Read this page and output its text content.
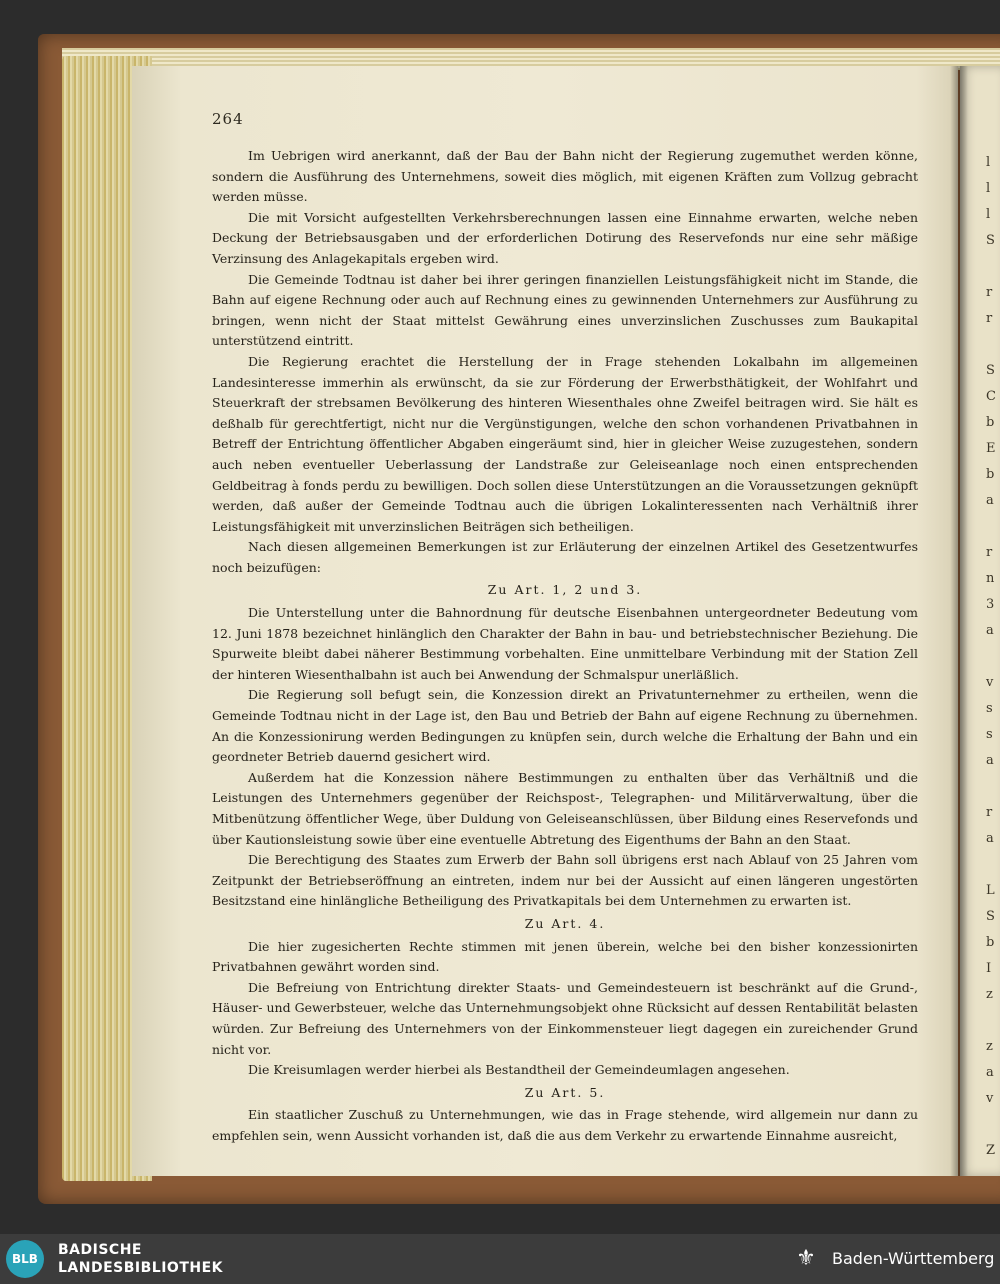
l
l
l
S
r
r
S
C
b
E
b
a
r
n
3
a
v
s
s
a
r
a
L
S
b
I
z
z
a
v
Z
264

Im Uebrigen wird anerkannt, daß der Bau der Bahn nicht der Regierung zugemuthet werden könne, sondern die Ausführung des Unternehmens, soweit dies möglich, mit eigenen Kräften zum Vollzug gebracht werden müsse.

Die mit Vorsicht aufgestellten Verkehrsberechnungen lassen eine Einnahme erwarten, welche neben Deckung der Betriebsausgaben und der erforderlichen Dotirung des Reservefonds nur eine sehr mäßige Verzinsung des Anlagekapitals ergeben wird.

Die Gemeinde Todtnau ist daher bei ihrer geringen finanziellen Leistungsfähigkeit nicht im Stande, die Bahn auf eigene Rechnung oder auch auf Rechnung eines zu gewinnenden Unternehmers zur Ausführung zu bringen, wenn nicht der Staat mittelst Gewährung eines unverzinslichen Zuschusses zum Baukapital unterstützend eintritt.

Die Regierung erachtet die Herstellung der in Frage stehenden Lokalbahn im allgemeinen Landesinteresse immerhin als erwünscht, da sie zur Förderung der Erwerbsthätigkeit, der Wohlfahrt und Steuerkraft der strebsamen Bevölkerung des hinteren Wiesenthales ohne Zweifel beitragen wird. Sie hält es deßhalb für gerechtfertigt, nicht nur die Vergünstigungen, welche den schon vorhandenen Privatbahnen in Betreff der Entrichtung öffentlicher Abgaben eingeräumt sind, hier in gleicher Weise zuzugestehen, sondern auch neben eventueller Ueberlassung der Landstraße zur Geleiseanlage noch einen entsprechenden Geldbeitrag à fonds perdu zu bewilligen. Doch sollen diese Unterstützungen an die Voraussetzungen geknüpft werden, daß außer der Gemeinde Todtnau auch die übrigen Lokalinteressenten nach Verhältniß ihrer Leistungsfähigkeit mit unverzinslichen Beiträgen sich betheiligen.

Nach diesen allgemeinen Bemerkungen ist zur Erläuterung der einzelnen Artikel des Gesetzentwurfes noch beizufügen:

Zu Art. 1, 2 und 3.

Die Unterstellung unter die Bahnordnung für deutsche Eisenbahnen untergeordneter Bedeutung vom 12. Juni 1878 bezeichnet hinlänglich den Charakter der Bahn in bau- und betriebstechnischer Beziehung. Die Spurweite bleibt dabei näherer Bestimmung vorbehalten. Eine unmittelbare Verbindung mit der Station Zell der hinteren Wiesenthalbahn ist auch bei Anwendung der Schmalspur unerläßlich.

Die Regierung soll befugt sein, die Konzession direkt an Privatunternehmer zu ertheilen, wenn die Gemeinde Todtnau nicht in der Lage ist, den Bau und Betrieb der Bahn auf eigene Rechnung zu übernehmen. An die Konzessionirung werden Bedingungen zu knüpfen sein, durch welche die Erhaltung der Bahn und ein geordneter Betrieb dauernd gesichert wird.

Außerdem hat die Konzession nähere Bestimmungen zu enthalten über das Verhältniß und die Leistungen des Unternehmers gegenüber der Reichspost-, Telegraphen- und Militärverwaltung, über die Mitbenützung öffentlicher Wege, über Duldung von Geleiseanschlüssen, über Bildung eines Reservefonds und über Kautionsleistung sowie über eine eventuelle Abtretung des Eigenthums der Bahn an den Staat.

Die Berechtigung des Staates zum Erwerb der Bahn soll übrigens erst nach Ablauf von 25 Jahren vom Zeitpunkt der Betriebseröffnung an eintreten, indem nur bei der Aussicht auf einen längeren ungestörten Besitzstand eine hinlängliche Betheiligung des Privatkapitals bei dem Unternehmen zu erwarten ist.

Zu Art. 4.

Die hier zugesicherten Rechte stimmen mit jenen überein, welche bei den bisher konzessionirten Privatbahnen gewährt worden sind.

Die Befreiung von Entrichtung direkter Staats- und Gemeindesteuern ist beschränkt auf die Grund-, Häuser- und Gewerbsteuer, welche das Unternehmungsobjekt ohne Rücksicht auf dessen Rentabilität belasten würden. Zur Befreiung des Unternehmers von der Einkommensteuer liegt dagegen ein zureichender Grund nicht vor.

Die Kreisumlagen werder hierbei als Bestandtheil der Gemeindeumlagen angesehen.

Zu Art. 5.

Ein staatlicher Zuschuß zu Unternehmungen, wie das in Frage stehende, wird allgemein nur dann zu empfehlen sein, wenn Aussicht vorhanden ist, daß die aus dem Verkehr zu erwartende Einnahme ausreicht,

BLB
BADISCHE
LANDESBIBLIOTHEK	⚜	Baden-Württemberg
